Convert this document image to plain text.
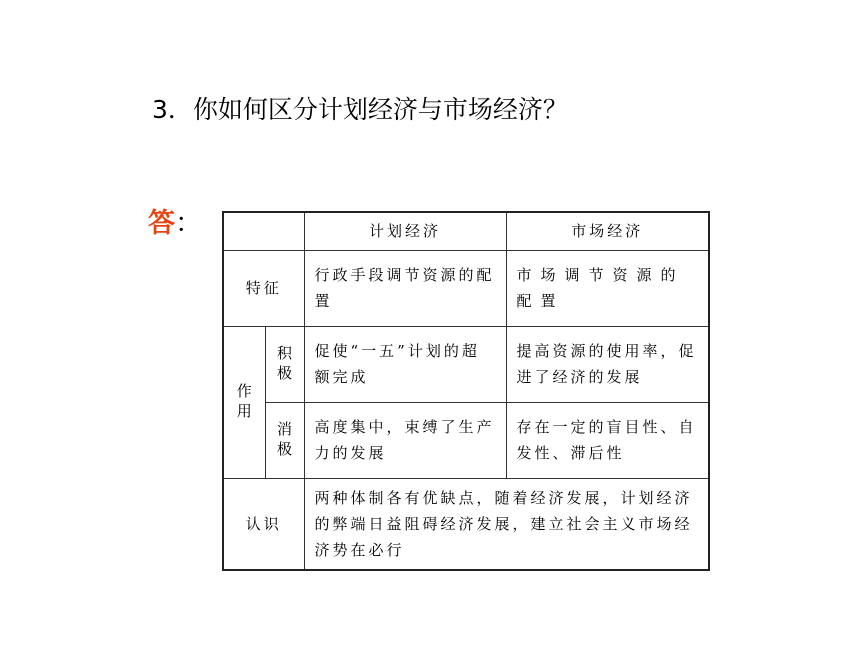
3．你如何区分计划经济与市场经济？
答：
		计划经济	市场经济
特征		行政手段调节资源的配置	市场调节资源的配置
作用	积极	促使“一五”计划的超额完成	提高资源的使用率，促进了经济的发展
	消极	高度集中，束缚了生产力的发展	存在一定的盲目性、自发性、滞后性
认识		两种体制各有优缺点，随着经济发展，计划经济的弊端日益阻碍经济发展，建立社会主义市场经济势在必行	
